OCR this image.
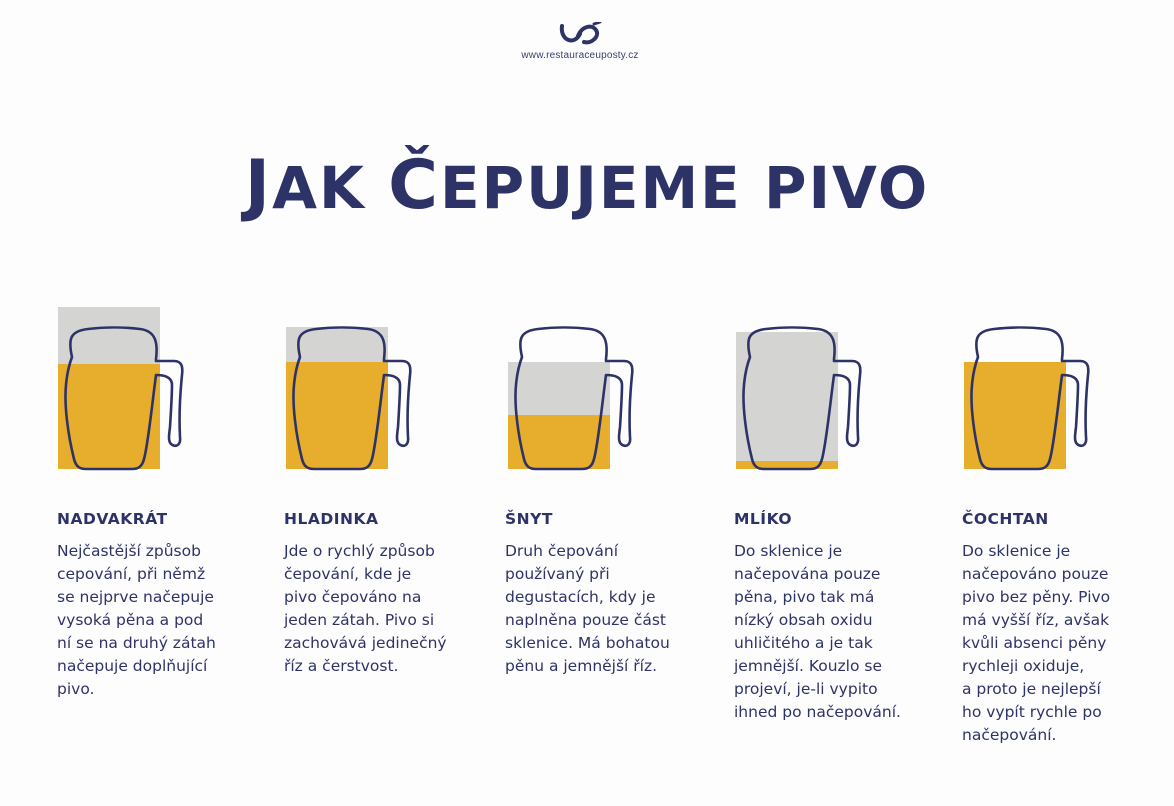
www.restauraceuposty.cz
JAK ČEPUJEME PIVO
NADVAKRÁT

Nejčastější způsob
cepování, při němž
se nejprve načepuje
vysoká pěna a pod
ní se na druhý zátah
načepuje doplňující
pivo.

HLADINKA

Jde o rychlý způsob
čepování, kde je
pivo čepováno na
jeden zátah. Pivo si
zachovává jedinečný
říz a čerstvost.

ŠNYT

Druh čepování
používaný při
degustacích, kdy je
naplněna pouze část
sklenice. Má bohatou
pěnu a jemnější říz.

MLÍKO

Do sklenice je
načepována pouze
pěna, pivo tak má
nízký obsah oxidu
uhličitého a je tak
jemnější. Kouzlo se
projeví, je-li vypito
ihned po načepování.

ČOCHTAN

Do sklenice je
načepováno pouze
pivo bez pěny. Pivo
má vyšší říz, avšak
kvůli absenci pěny
rychleji oxiduje,
a proto je nejlepší
ho vypít rychle po
načepování.
